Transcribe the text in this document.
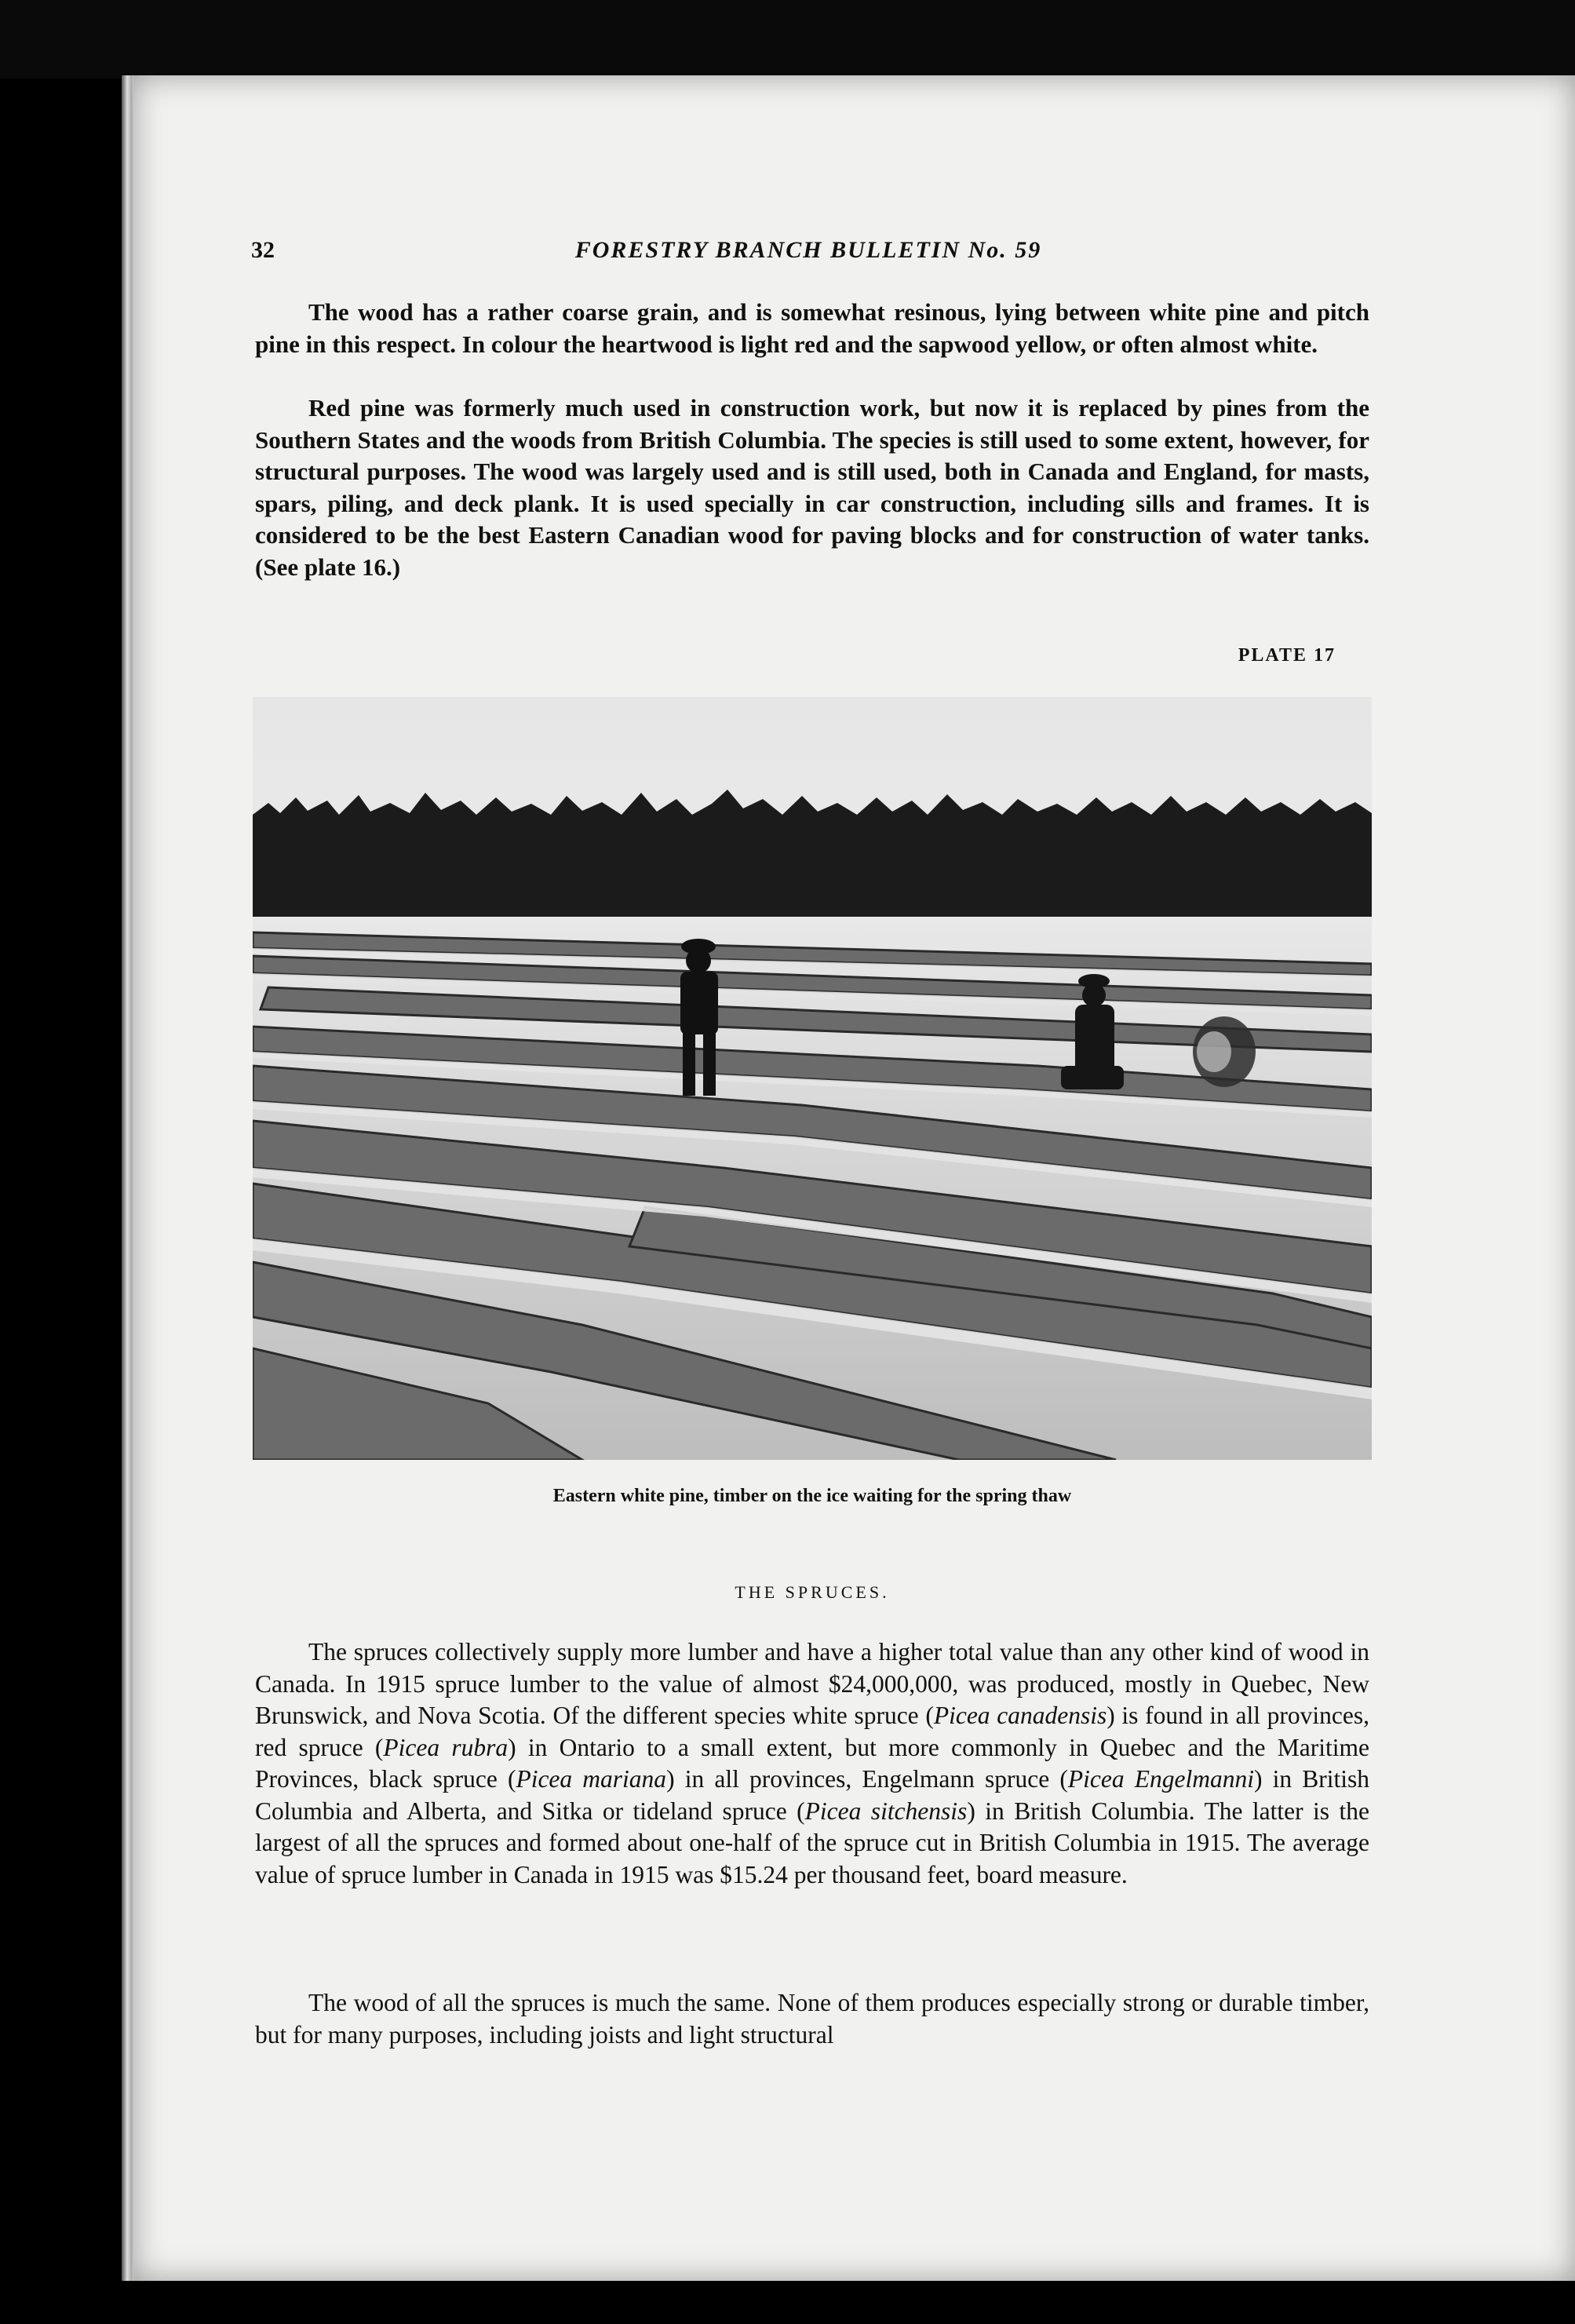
32	FORESTRY BRANCH BULLETIN No. 59

The wood has a rather coarse grain, and is somewhat resinous, lying between white pine and pitch pine in this respect. In colour the heartwood is light red and the sapwood yellow, or often almost white.

Red pine was formerly much used in construction work, but now it is replaced by pines from the Southern States and the woods from British Columbia. The species is still used to some extent, however, for structural purposes. The wood was largely used and is still used, both in Canada and England, for masts, spars, piling, and deck plank. It is used specially in car construction, including sills and frames. It is considered to be the best Eastern Canadian wood for paving blocks and for construction of water tanks. (See plate 16.)

PLATE 17
Eastern white pine, timber on the ice waiting for the spring thaw
THE SPRUCES.

The spruces collectively supply more lumber and have a higher total value than any other kind of wood in Canada. In 1915 spruce lumber to the value of almost $24,000,000, was produced, mostly in Quebec, New Brunswick, and Nova Scotia. Of the different species white spruce (Picea canadensis) is found in all provinces, red spruce (Picea rubra) in Ontario to a small extent, but more commonly in Quebec and the Maritime Provinces, black spruce (Picea mariana) in all provinces, Engelmann spruce (Picea Engelmanni) in British Columbia and Alberta, and Sitka or tideland spruce (Picea sitchensis) in British Columbia. The latter is the largest of all the spruces and formed about one-half of the spruce cut in British Columbia in 1915. The average value of spruce lumber in Canada in 1915 was $15.24 per thousand feet, board measure.

The wood of all the spruces is much the same. None of them produces especially strong or durable timber, but for many purposes, including joists and light structural
